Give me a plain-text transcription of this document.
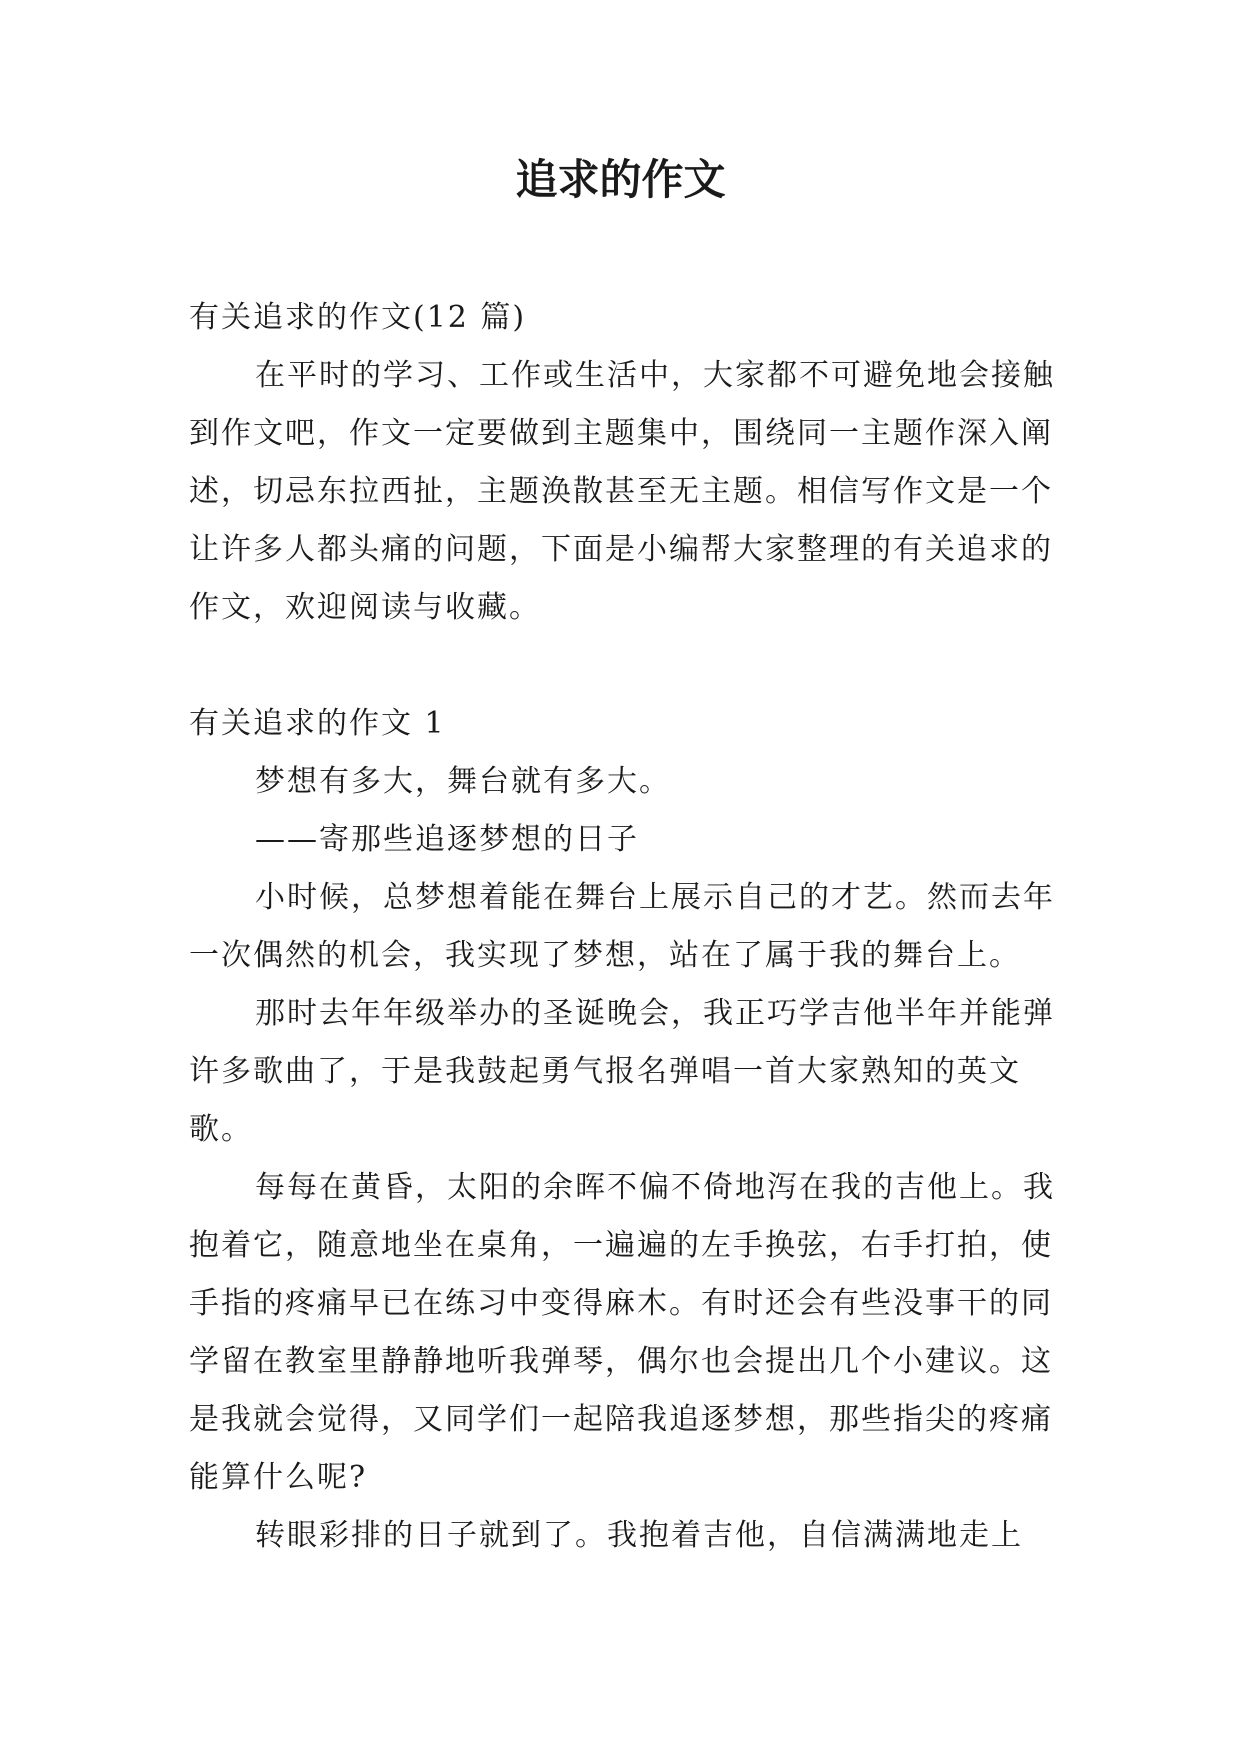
追求的作文

有关追求的作文(12 篇)

在平时的学习、工作或生活中，大家都不可避免地会接触到作文吧，作文一定要做到主题集中，围绕同一主题作深入阐述，切忌东拉西扯，主题涣散甚至无主题。相信写作文是一个让许多人都头痛的问题，下面是小编帮大家整理的有关追求的作文，欢迎阅读与收藏。

有关追求的作文 1

梦想有多大，舞台就有多大。

——寄那些追逐梦想的日子

小时候，总梦想着能在舞台上展示自己的才艺。然而去年一次偶然的机会，我实现了梦想，站在了属于我的舞台上。

那时去年年级举办的圣诞晚会，我正巧学吉他半年并能弹许多歌曲了，于是我鼓起勇气报名弹唱一首大家熟知的英文歌。

每每在黄昏，太阳的余晖不偏不倚地泻在我的吉他上。我抱着它，随意地坐在桌角，一遍遍的左手换弦，右手打拍，使手指的疼痛早已在练习中变得麻木。有时还会有些没事干的同学留在教室里静静地听我弹琴，偶尔也会提出几个小建议。这是我就会觉得，又同学们一起陪我追逐梦想，那些指尖的疼痛能算什么呢?

转眼彩排的日子就到了。我抱着吉他，自信满满地走上
